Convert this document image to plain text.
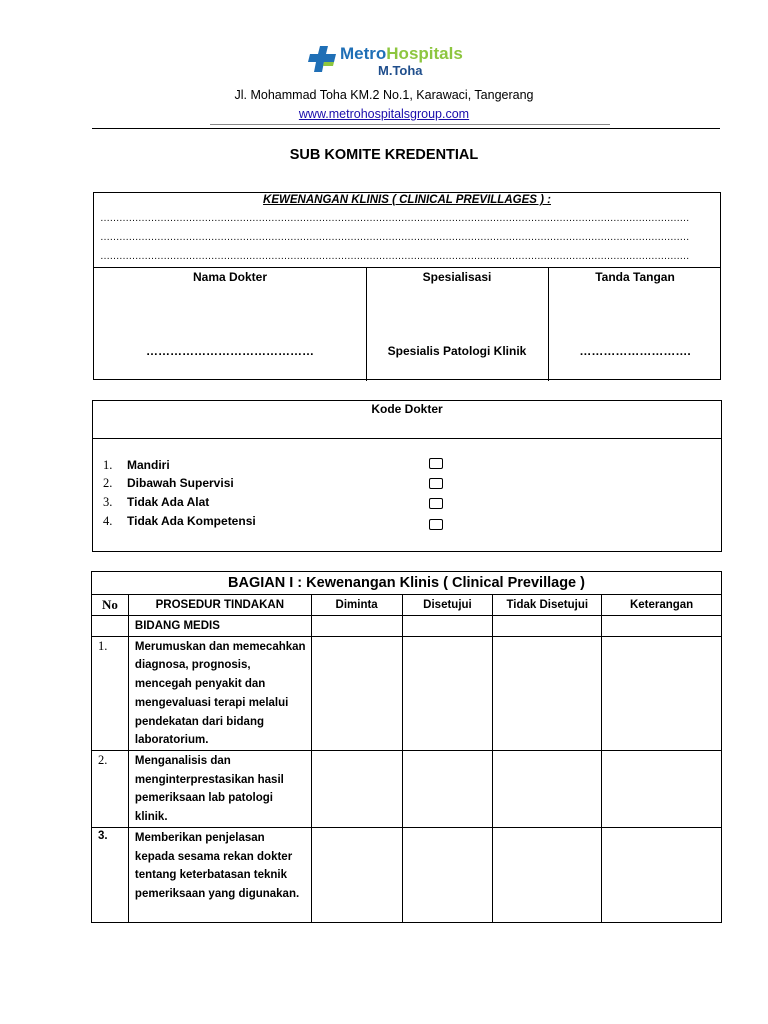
MetroHospitals
M.Toha
Jl. Mohammad Toha KM.2 No.1, Karawaci, Tangerang
www.metrohospitalsgroup.com
SUB KOMITE KREDENTIAL
KEWENANGAN KLINIS ( CLINICAL PREVILLAGES ) :
……………………………………………………………………………………………………………………………………………………………………
……………………………………………………………………………………………………………………………………………………………………
……………………………………………………………………………………………………………………………………………………………………
Nama Dokter	Spesialisasi	Tanda Tangan
……………………………………	Spesialis Patologi Klinik	……………………….
Kode Dokter
1. Mandiri
2. Dibawah Supervisi
3. Tidak Ada Alat
4. Tidak Ada Kompetensi
BAGIAN I : Kewenangan Klinis ( Clinical Previllage )					
No	PROSEDUR TINDAKAN	Diminta	Disetujui	Tidak Disetujui	Keterangan
	BIDANG MEDIS				
1.	Merumuskan dan memecahkan diagnosa, prognosis, mencegah penyakit dan mengevaluasi terapi melalui pendekatan dari bidang laboratorium.				
2.	Menganalisis dan menginterprestasikan hasil pemeriksaan lab patologi klinik.				
3.	Memberikan penjelasan kepada sesama rekan dokter tentang keterbatasan teknik pemeriksaan yang digunakan.				
